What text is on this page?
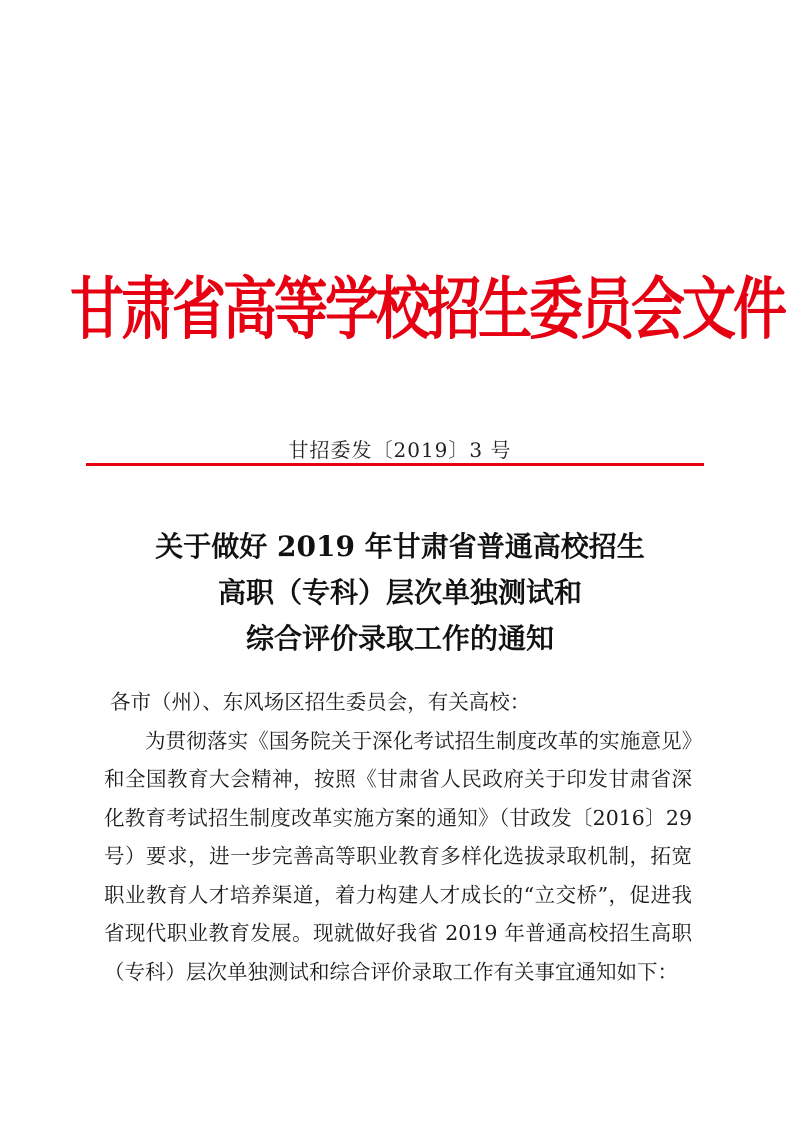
甘肃省高等学校招生委员会文件
甘招委发〔2019〕3 号
关于做好 2019 年甘肃省普通高校招生
高职（专科）层次单独测试和
综合评价录取工作的通知

各市（州）、东风场区招生委员会，有关高校：

为贯彻落实《国务院关于深化考试招生制度改革的实施意见》和全国教育大会精神，按照《甘肃省人民政府关于印发甘肃省深化教育考试招生制度改革实施方案的通知》（甘政发〔2016〕29 号）要求，进一步完善高等职业教育多样化选拔录取机制，拓宽职业教育人才培养渠道，着力构建人才成长的“立交桥”，促进我省现代职业教育发展。现就做好我省 2019 年普通高校招生高职（专科）层次单独测试和综合评价录取工作有关事宜通知如下：
